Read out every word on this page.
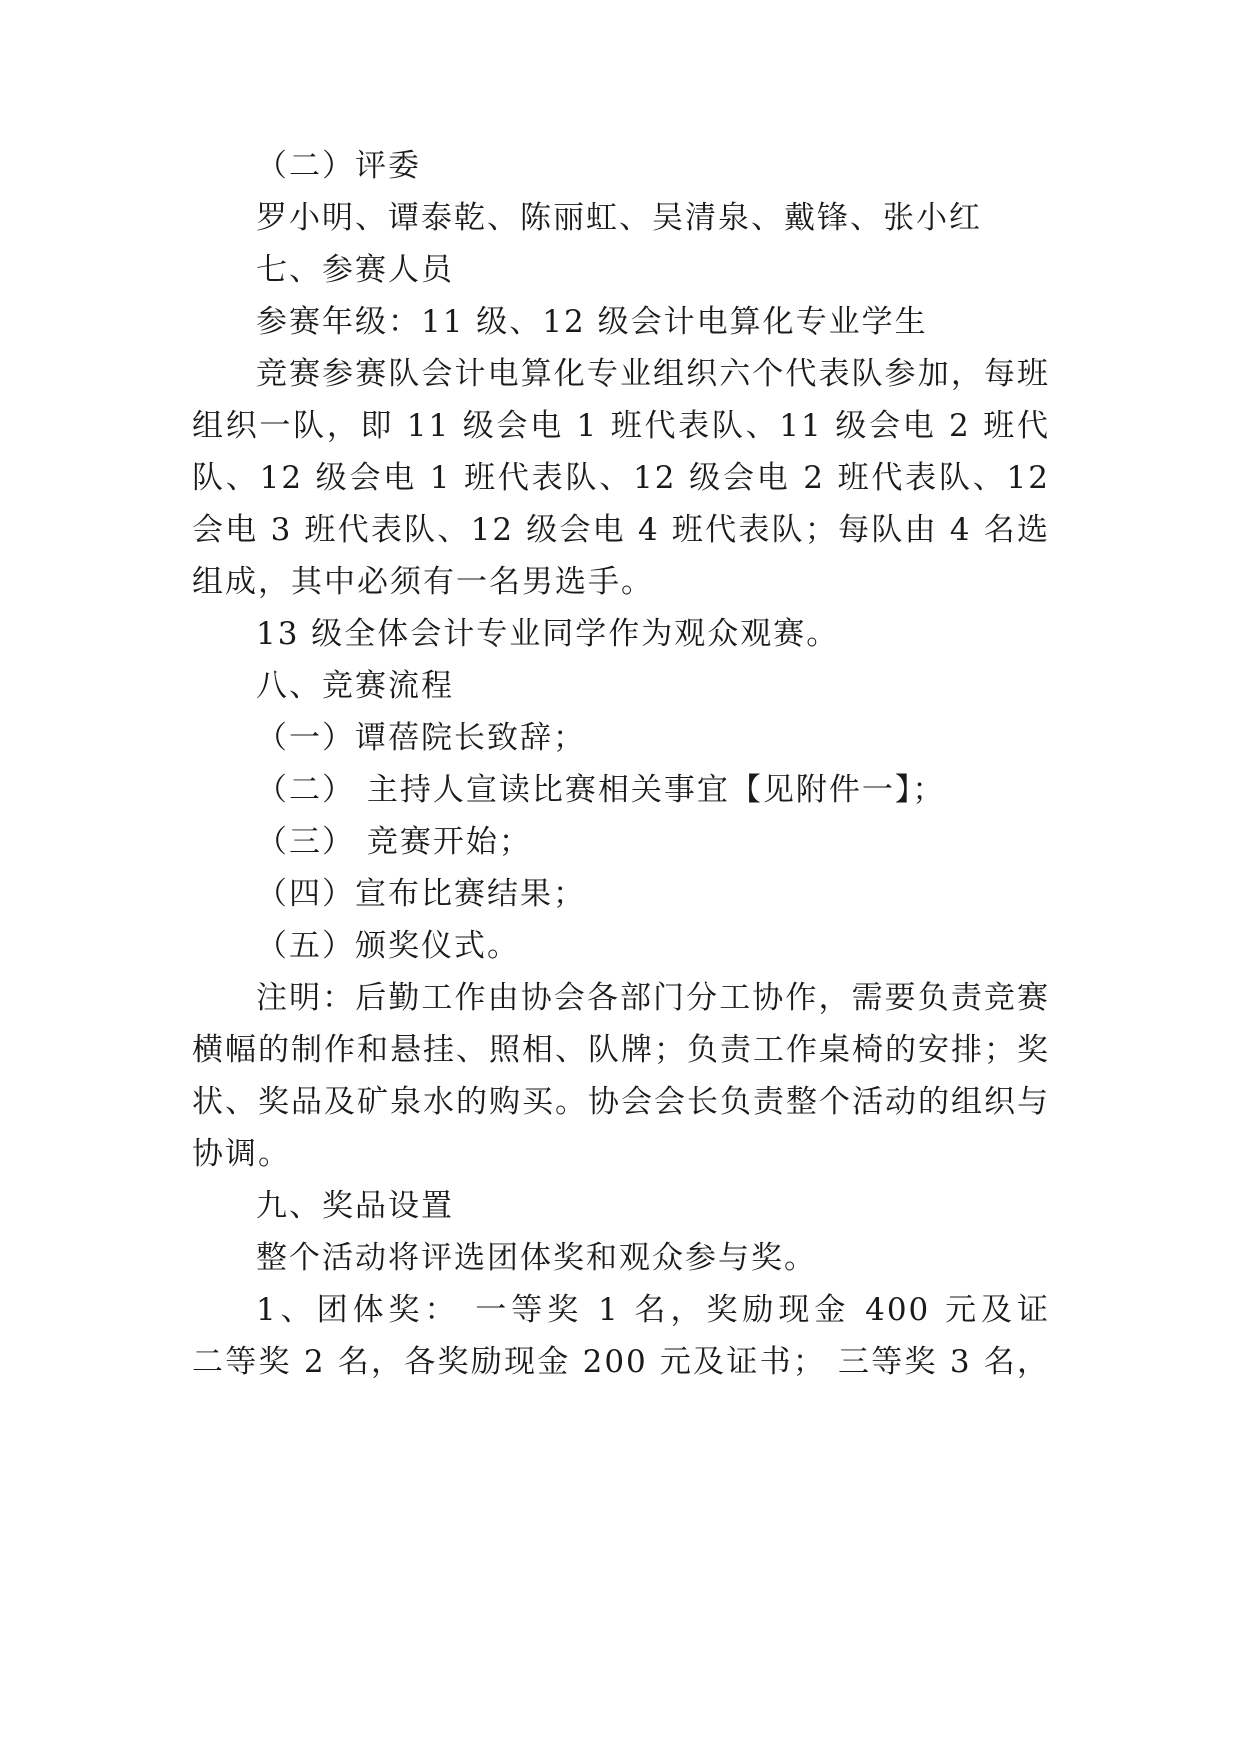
（二）评委
罗小明、谭泰乾、陈丽虹、吴清泉、戴锋、张小红
七、参赛人员
参赛年级：11 级、12 级会计电算化专业学生
竞赛参赛队会计电算化专业组织六个代表队参加，每班
组织一队，即 11 级会电 1 班代表队、11 级会电 2 班代
队、12 级会电 1 班代表队、12 级会电 2 班代表队、12
会电 3 班代表队、12 级会电 4 班代表队；每队由 4 名选
组成，其中必须有一名男选手。
13 级全体会计专业同学作为观众观赛。
八、竞赛流程
（一）谭蓓院长致辞；
（二） 主持人宣读比赛相关事宜【见附件一】；
（三） 竞赛开始；
（四）宣布比赛结果；
（五）颁奖仪式。
注明：后勤工作由协会各部门分工协作，需要负责竞赛
横幅的制作和悬挂、照相、队牌；负责工作桌椅的安排；奖
状、奖品及矿泉水的购买。协会会长负责整个活动的组织与
协调。
九、奖品设置
整个活动将评选团体奖和观众参与奖。
1、团体奖： 一等奖 1 名，奖励现金 400 元及证
二等奖 2 名，各奖励现金 200 元及证书； 三等奖 3 名，
